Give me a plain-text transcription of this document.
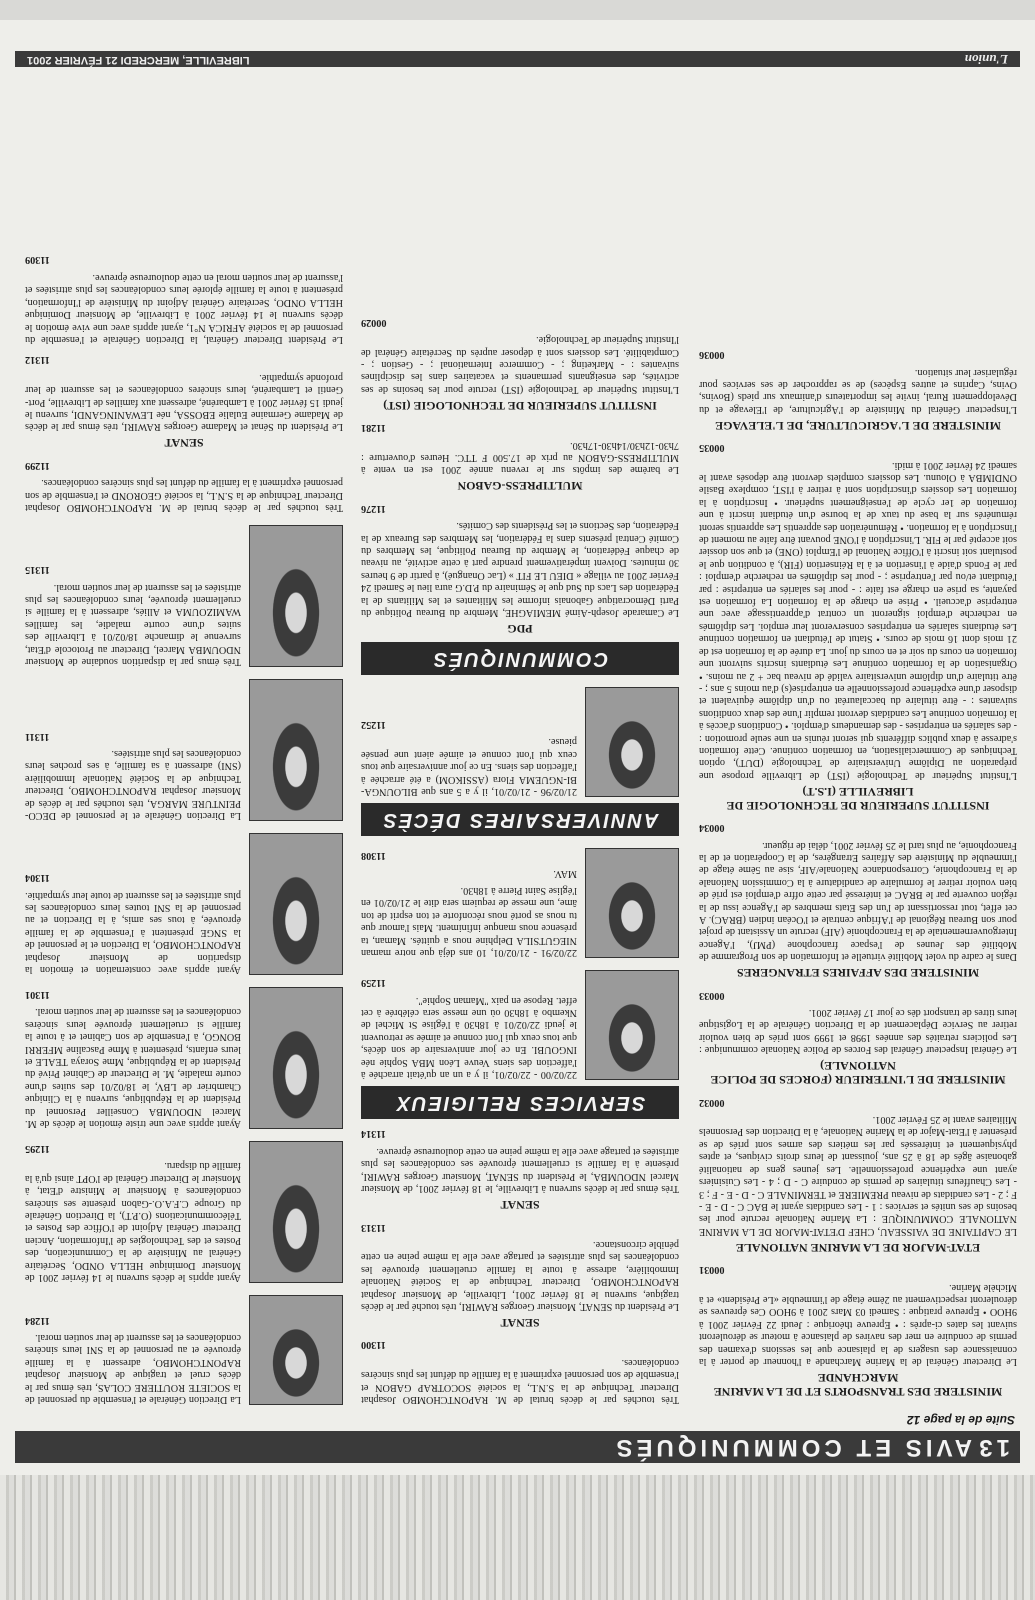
13
AVIS ET COMMUNIQUÉS
Suite de la page 12
MINISTERE DES TRANSPORTS ET DE LA MARINE MARCHANDE

Le Directeur Général de la Marine Marchande a l'honneur de porter à la connaissance des usagers de la plaisance que les sessions d'examen des permis de conduire en mer des navires de plaisance à moteur se dérouleront suivant les dates ci-après : • Epreuve théorique : Jeudi 22 Février 2001 à 9HOO • Epreuve pratique : Samedi 03 Mars 2001 à 9HOO Ces épreuves se dérouleront respectivement au 2ème étage de l'immeuble «Le Président» et à Michèle Marine.

00031
ETAT-MAJOR DE LA MARINE NATIONALE

LE CAPITAINE DE VAISSEAU, CHEF D'ETAT-MAJOR DE LA MARINE NATIONALE COMMUNIQUE : La Marine Nationale recrute pour les besoins de ses unités et services : 1 - Les candidats ayant le BAC C - D - E - F ; 2 - Les candidats de niveau PREMIERE et TERMINALE C - D - E - F ; 3 - Les Chauffeurs titulaires de permis de conduire C - D ; 4 - Les Cuisiniers ayant une expérience professionnelle. Les jeunes gens de nationalité gabonaise âgés de 18 à 25 ans, jouissant de leurs droits civiques, et aptes physiquement et intéressés par les métiers des armes sont priés de se présenter à l'Etat-Major de la Marine Nationale, à la Direction des Personnels Militaires avant le 25 Février 2001.

00032
MINISTERE DE L'INTERIEUR (FORCES DE POLICE NATIONALE)

Le Général Inspecteur Général des Forces de Police Nationale communique : Les policiers retraités des années 1998 et 1999 sont priés de bien vouloir retirer au Service Déplacement de la Direction Générale de la Logistique leurs titres de transport dès ce jour 17 février 2001.

00033
MINISTERE DES AFFAIRES ETRANGERES

Dans le cadre du volet Mobilité virtuelle et Information de son Programme de Mobilité des Jeunes de l'espace francophone (PMJ), l'Agence Intergouvernementale de la Francophonie (AIF) recrute un Assistant de projet pour son Bureau Régional de l'Afrique centrale et l'Océan indien (BRAC). A cet effet, tout ressortissant de l'un des Etats membres de l'Agence issu de la région couverte par le BRAC et intéressé par cette offre d'emploi est prié de bien vouloir retirer le formulaire de candidature à la Commission Nationale de la Francophonie, Correspondance Nationale/AIF, sise au 5ème étage de l'immeuble du Ministère des Affaires Etrangères, de la Coopération et de la Francophonie, au plus tard le 25 février 2001, délai de rigueur.

00034
INSTITUT SUPERIEUR DE TECHNOLOGIE DE LIBREVILLE (I.S.T)

L'Institut Supérieur de Technologie (IST) de Libreville propose une préparation au Diplôme Universitaire de Technologie (DUT), option Techniques de Commercialisation, en formation continue. Cette formation s'adresse à deux publics différents qui seront réunis en une seule promotion : - des salariés en entreprises - des demandeurs d'emploi. • Conditions d'accès à la formation continue Les candidats devront remplir l'une des deux conditions suivantes : - être titulaire du baccalauréat ou d'un diplôme équivalent et disposer d'une expérience professionnelle en entreprise(s) d'au moins 5 ans ; - être titulaire d'un diplôme universitaire validé de niveau bac + 2 au moins. • Organisation de la formation continue Les étudiants inscrits suivront une formation en cours du soir et en cours du jour. La durée de la formation est de 21 mois dont 16 mois de cours. • Statut de l'étudiant en formation continue Les étudiants salariés en entreprises conserveront leur emploi. Les diplômés en recherche d'emploi signeront un contrat d'apprentissage avec une entreprise d'accueil. • Prise en charge de la formation La formation est payante, sa prise en charge est faite : - pour les salariés en entreprise : par l'étudiant et/ou par l'entreprise ; - pour les diplômés en recherche d'emploi : par le Fonds d'aide à l'insertion et à la Réinsertion (FIR), à condition que le postulant soit inscrit à l'Office National de l'Emploi (ONE) et que son dossier soit accepté par le FIR. L'inscription à l'ONE pouvant être faite au moment de l'inscription à la formation. • Rémunération des apprentis Les apprentis seront rémunérés sur la base du taux de la bourse d'un étudiant inscrit à une formation de 1er cycle de l'enseignement supérieur. • Inscription à la formation Les dossiers d'inscription sont à retirer à l'IST, complexe Basile ONDIMBA à Olounu. Les dossiers complets devront être déposés avant le samedi 24 février 2001 à midi.

00035
MINISTERE DE L'AGRICULTURE, DE L'ELEVAGE

L'Inspecteur Général du Ministère de l'Agriculture, de l'Elevage et du Développement Rural, invite les importateurs d'animaux sur pieds (Bovins, Ovins, Caprins et autres Espèces) de se rapprocher de ses services pour régulariser leur situation.

00036

Très touchés par le décès brutal de M. RAPONTCHOMBO Josaphat Directeur Technique de la S.N.L, la société SOCOTRAP GABON et l'ensemble de son personnel expriment à la famille du défunt les plus sincères condoléances.

11300
SENAT

Le Président du SENAT, Monsieur Georges RAWIRI, très touché par le décès tragique, survenu le 18 février 2001, Libreville, de Monsieur Josaphat RAPONTCHOMBO, Directeur Technique de la Société Nationale Immobilière, adresse à toute la famille cruellement éprouvée les condoléances les plus attristées et partage avec elle la même peine en cette pénible circonstance.

11313
SENAT

Très émus par le décès survenu à Libreville, le 18 février 2001, de Monsieur Marcel NDOUMBA, le Président du SENAT, Monsieur Georges RAWIRI, présente à la famille si cruellement éprouvée ses condoléances les plus attristées et partage avec elle la même peine en cette douloureuse épreuve.

11314
SERVICES RELIGIEUX

22/02/00 - 22/02/01, il y a un an qu'était arrachée à l'affection des siens Veuve Léon MBA Sophie née INGOUBI. En ce jour anniversaire de son décès, que tous ceux qui l'ont connue et aimée se retrouvent le jeudi 22/02/01 à 18h30 à l'église St Michel de Nkembo à 18h30 où une messe sera célébrée à cet effet. Repose en paix "Maman Sophie".

11259

22/02/91 - 21/02/01, 10 ans déjà que notre maman NIEGUTSILA Delphine nous a quittés. Maman, ta présence nous manque infiniment. Mais l'amour que tu nous as porté nous réconforte et ton esprit de ton âme, une messe de requiem sera dite le 21/02/01 en l'église Saint Pierre à 18h30.

MAV.

11308
ANNIVERSAIRES DÉCÈS

21/02/96 - 21/02/01, il y a 5 ans que BILOUNGA-BI-NGUEMA Flora (ASSIKOM) a été arrachée à l'affection des siens. En ce jour anniversaire que tous ceux qui l'ont connue et aimée aient une pensée pieuse.

11252
COMMUNIQUÉS
PDG

Le Camarade Joseph-Aimé MEMIAGHE, Membre du Bureau Politique du Parti Démocratique Gabonais informe les Militantes et les Militants de la Fédération des Lacs du Sud que le Séminaire du P.D.G aura lieu le Samedi 24 Février 2001 au village « DIEU LE FIT » (Lac Onangué), à partir de 9 heures 30 minutes. Doivent impérativement prendre part à cette activité, au niveau de chaque Fédération, le Membre du Bureau Politique, les Membres du Comité Central présents dans la Fédération, les Membres des Bureaux de la Fédération, des Sections et les Présidents des Comités.

11276
MULTIPRESS-GABON

Le barème des impôts sur le revenu année 2001 est en vente à MULTIPRESS-GABON au prix de 17.500 F TTC. Heures d'ouverture : 7h30-12h30/14h30-17h30.

11281
INSTITUT SUPERIEUR DE TECHNOLOGIE (IST)

L'Institut Supérieur de Technologie (IST) recrute pour les besoins de ses activités, des enseignants permanents et vacataires dans les disciplines suivantes : - Marketing ; - Commerce International ; - Gestion ; - Comptabilité. Les dossiers sont à déposer auprès du Secrétaire Général de l'Institut Supérieur de Technologie.

00029

La Direction Générale et l'ensemble du personnel de la SOCIETE ROUTIERE COLAS, très émus par le décès cruel et tragique de Monsieur Josaphat RAPONTCHOMBO, adressent à la famille éprouvée et au personnel de la SNI leurs sincères condoléances et les assurent de leur soutien moral.

11284

Ayant appris le décès survenu le 14 février 2001 de Monsieur Dominique HELLA ONDO, Secrétaire Général au Ministère de la Communication, des Postes et des Technologies de l'Information, Ancien Directeur Général Adjoint de l'Office des Postes et Télécommunications (O.P.T), la Direction Générale du Groupe C.F.A.O.-Gabon présente ses sincères condoléances à Monsieur le Ministre d'Etat, à Monsieur le Directeur Général de l'OPT ainsi qu'à la famille du disparu.

11295

Ayant appris avec une triste émotion le décès de M. Marcel NDOUMBA Conseiller Personnel du Président de la République, survenu à la Clinique Chambrier de LBV, le 18/02/01 des suites d'une courte maladie, M. le Directeur de Cabinet Privé du Président de la République, Mme Soraya TEALE et leurs enfants, présentent à Mme Pascaline MFERRI BONGO, à l'ensemble de son Cabinet et à toute la famille si cruellement éprouvée leurs sincères condoléances et les assurent de leur soutien moral.

11301

Ayant appris avec consternation et émotion la disparition de Monsieur Josaphat RAPONTCHOMBO, la Direction et le personnel de la SNGE présentent à l'ensemble de la famille éprouvée, à tous ses amis, à la Direction et au personnel de la SNI toutes leurs condoléances les plus attristées et les assurent de toute leur sympathie.

11304

La Direction Générale et le personnel de DECO-PEINTURE MARGA, très touchés par le décès de Monsieur Josaphat RAPONTCHOMBO, Directeur Technique de la Société Nationale Immobilière (SNI) adressent à sa famille, à ses proches leurs condoléances les plus attristées.

11311

Très émus par la disparition soudaine de Monsieur NDOUMBA Marcel, Directeur au Protocole d'Etat, survenue le dimanche 18/02/01 à Libreville des suites d'une courte maladie, les familles WAMIZOUMA et Alliés, adressent à la famille si cruellement éprouvée, leurs condoléances les plus attristées et les assurent de leur soutien moral.

11315

Très touchés par le décès brutal de M. RAPONTCHOMBO Josaphat Directeur Technique de la S.N.L, la société GEOROND et l'ensemble de son personnel expriment à la famille du défunt les plus sincères condoléances.

11299
SENAT

Le Président du Sénat et Madame Georges RAWIRI, très émus par le décès de Madame Germaine Eulalie EBOSSA, née LEWANINGANDI, survenu le jeudi 15 février 2001 à Lambaréné, adressent aux familles de Libreville, Port-Gentil et Lambaréné, leurs sincères condoléances et les assurent de leur profonde sympathie.

11312

Le Président Directeur Général, la Direction Générale et l'ensemble du personnel de la société AFRICA N°1, ayant appris avec une vive émotion le décès survenu le 14 février 2001 à Libreville, de Monsieur Dominique HELLA ONDO, Secrétaire Général Adjoint du Ministère de l'Information, présentent à toute la famille éplorée leurs condoléances les plus attristées et l'assurent de leur soutien moral en cette douloureuse épreuve.

11309
LIBREVILLE, MERCREDI 21 FÉVRIER 2001	L'union
